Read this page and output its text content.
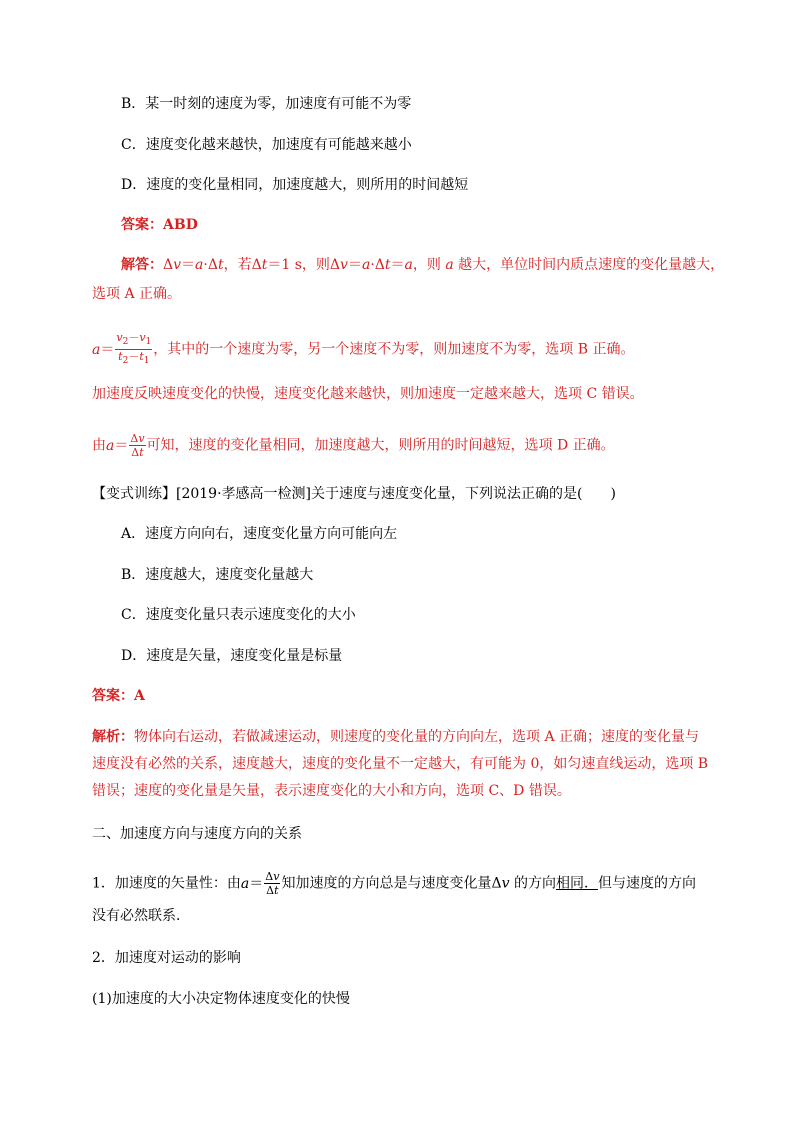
B．某一时刻的速度为零，加速度有可能不为零
C．速度变化越来越快，加速度有可能越来越小
D．速度的变化量相同，加速度越大，则所用的时间越短
答案：ABD
解答：Δv＝a·Δt，若Δt＝1 s，则Δv＝a·Δt＝a，则 a 越大，单位时间内质点速度的变化量越大，
选项 A 正确。
$a= \frac{v_2-v_1}{t_2-t_1}$ ，其中的一个速度为零，另一个速度不为零，则加速度不为零，选项 B 正确。
加速度反映速度变化的快慢，速度变化越来越快，则加速度一定越来越大，选项 C 错误。
由$a= \frac{\Delta v}{\Delta t}$ 可知，速度的变化量相同，加速度越大，则所用的时间越短，选项 D 正确。
【变式训练】[2019·孝感高一检测]关于速度与速度变化量，下列说法正确的是(　　)
A．速度方向向右，速度变化量方向可能向左
B．速度越大，速度变化量越大
C．速度变化量只表示速度变化的大小
D．速度是矢量，速度变化量是标量
答案：A
解析：物体向右运动，若做减速运动，则速度的变化量的方向向左，选项 A 正确；速度的变化量与
速度没有必然的关系，速度越大，速度的变化量不一定越大，有可能为 0，如匀速直线运动，选项 B
错误；速度的变化量是矢量，表示速度变化的大小和方向，选项 C、D 错误。
二、加速度方向与速度方向的关系
1．加速度的矢量性：由$a= \frac{\Delta v}{\Delta t}$ 知加速度的方向总是与速度变化量Δv 的方向相同．但与速度的方向
没有必然联系．
2．加速度对运动的影响
(1)加速度的大小决定物体速度变化的快慢
